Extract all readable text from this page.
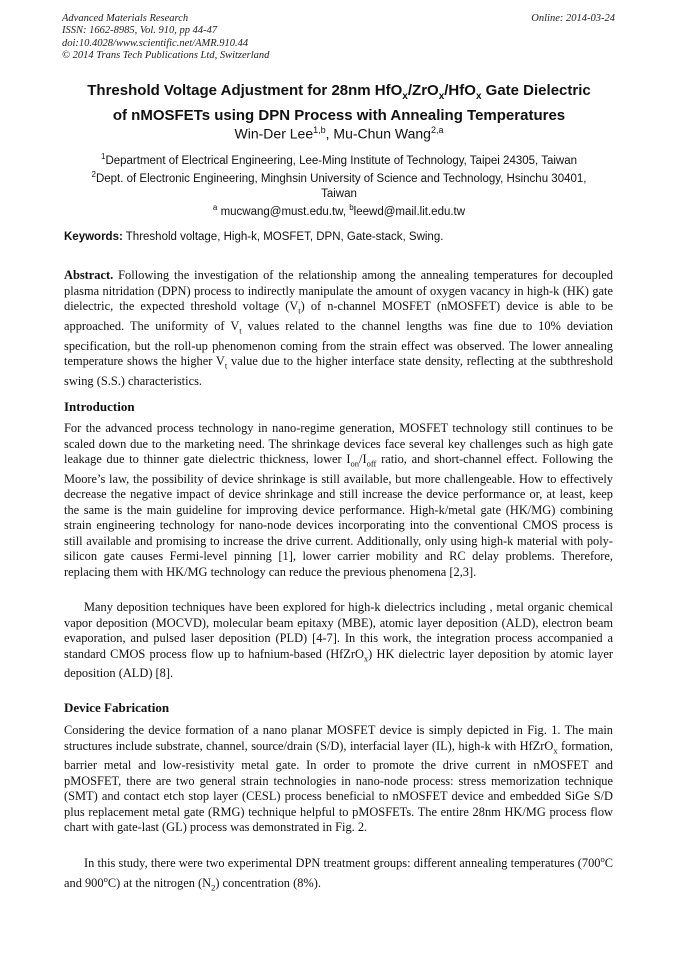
Advanced Materials Research
ISSN: 1662-8985, Vol. 910, pp 44-47
doi:10.4028/www.scientific.net/AMR.910.44
© 2014 Trans Tech Publications Ltd, Switzerland
Online: 2014-03-24
Threshold Voltage Adjustment for 28nm HfO$_x$/ZrO$_x$/HfO$_x$ Gate Dielectric
of nMOSFETs using DPN Process with Annealing Temperatures
Win-Der Lee$^{1,b}$, Mu-Chun Wang$^{2,a}$
$^1$Department of Electrical Engineering, Lee-Ming Institute of Technology, Taipei 24305, Taiwan
$^2$Dept. of Electronic Engineering, Minghsin University of Science and Technology, Hsinchu 30401,
Taiwan
$^a$ mucwang@must.edu.tw, $^b$leewd@mail.lit.edu.tw
Keywords: Threshold voltage, High-k, MOSFET, DPN, Gate-stack, Swing.
Abstract. Following the investigation of the relationship among the annealing temperatures for decoupled plasma nitridation (DPN) process to indirectly manipulate the amount of oxygen vacancy in high-k (HK) gate dielectric, the expected threshold voltage $(V_t)$ of n-channel MOSFET (nMOSFET) device is able to be approached. The uniformity of $V_t$ values related to the channel lengths was fine due to 10% deviation specification, but the roll-up phenomenon coming from the strain effect was observed. The lower annealing temperature shows the higher $V_t$ value due to the higher interface state density, reflecting at the subthreshold swing (S.S.) characteristics.
Introduction
For the advanced process technology in nano-regime generation, MOSFET technology still continues to be scaled down due to the marketing need. The shrinkage devices face several key challenges such as high gate leakage due to thinner gate dielectric thickness, lower $I_{on}/I_{off}$ ratio, and short-channel effect. Following the Moore’s law, the possibility of device shrinkage is still available, but more challengeable. How to effectively decrease the negative impact of device shrinkage and still increase the device performance or, at least, keep the same is the main guideline for improving device performance. High-k/metal gate (HK/MG) combining strain engineering technology for nano-node devices incorporating into the conventional CMOS process is still available and promising to increase the drive current. Additionally, only using high-k material with poly-silicon gate causes Fermi-level pinning [1], lower carrier mobility and RC delay problems. Therefore, replacing them with HK/MG technology can reduce the previous phenomena [2,3].
Many deposition techniques have been explored for high-k dielectrics including , metal organic chemical vapor deposition (MOCVD), molecular beam epitaxy (MBE), atomic layer deposition (ALD), electron beam evaporation, and pulsed laser deposition (PLD) [4-7]. In this work, the integration process accompanied a standard CMOS process flow up to hafnium-based (HfZrO$_x$) HK dielectric layer deposition by atomic layer deposition (ALD) [8].
Device Fabrication
Considering the device formation of a nano planar MOSFET device is simply depicted in Fig. 1. The main structures include substrate, channel, source/drain (S/D), interfacial layer (IL), high-k with HfZrO$_x$ formation, barrier metal and low-resistivity metal gate. In order to promote the drive current in nMOSFET and pMOSFET, there are two general strain technologies in nano-node process: stress memorization technique (SMT) and contact etch stop layer (CESL) process beneficial to nMOSFET device and embedded SiGe S/D plus replacement metal gate (RMG) technique helpful to pMOSFETs. The entire 28nm HK/MG process flow chart with gate-last (GL) process was demonstrated in Fig. 2.
In this study, there were two experimental DPN treatment groups: different annealing temperatures (700$^o$C and 900$^o$C) at the nitrogen $(N_2)$ concentration (8%).
